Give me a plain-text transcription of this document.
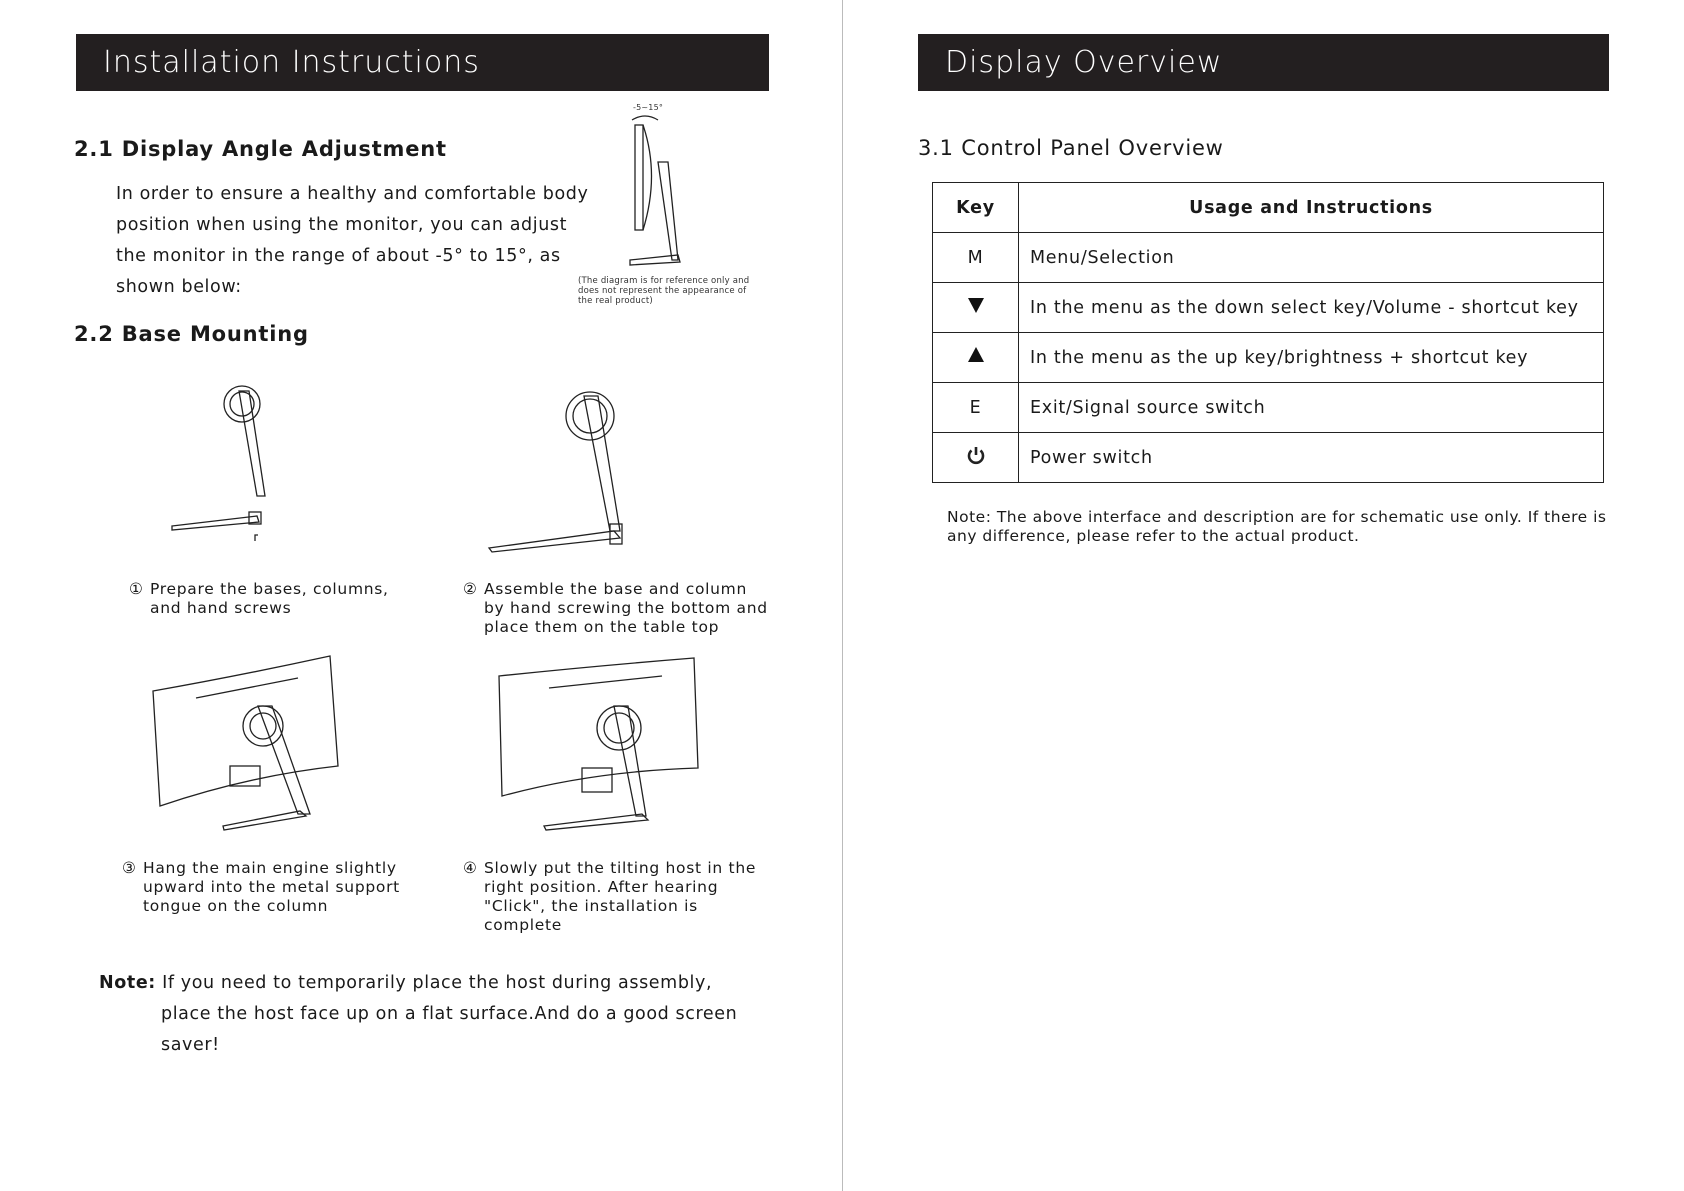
Installation Instructions
2.1 Display Angle Adjustment
In order to ensure a healthy and comfortable body
position when using the monitor, you can adjust
the monitor in the range of about -5° to 15°, as
shown below:
-5~15°
(The diagram is for reference only and
does not represent the appearance of
the real product)
2.2 Base Mounting
① Prepare the bases, columns,
and hand screws
② Assemble the base and column
by hand screwing the bottom and
place them on the table top
③ Hang the main engine slightly
upward into the metal support
tongue on the column
④ Slowly put the tilting host in the
right position. After hearing
"Click", the installation is
complete
Note: If you need to temporarily place the host during assembly,
place the host face up on a flat surface.And do a good screen
saver!
Display Overview
3.1 Control Panel Overview
Key	Usage and Instructions
M	Menu/Selection
	In the menu as the down select key/Volume - shortcut key
	In the menu as the up key/brightness + shortcut key
E	Exit/Signal source switch
	Power switch
Note: The above interface and description are for schematic use only. If there is any difference, please refer to the actual product.
